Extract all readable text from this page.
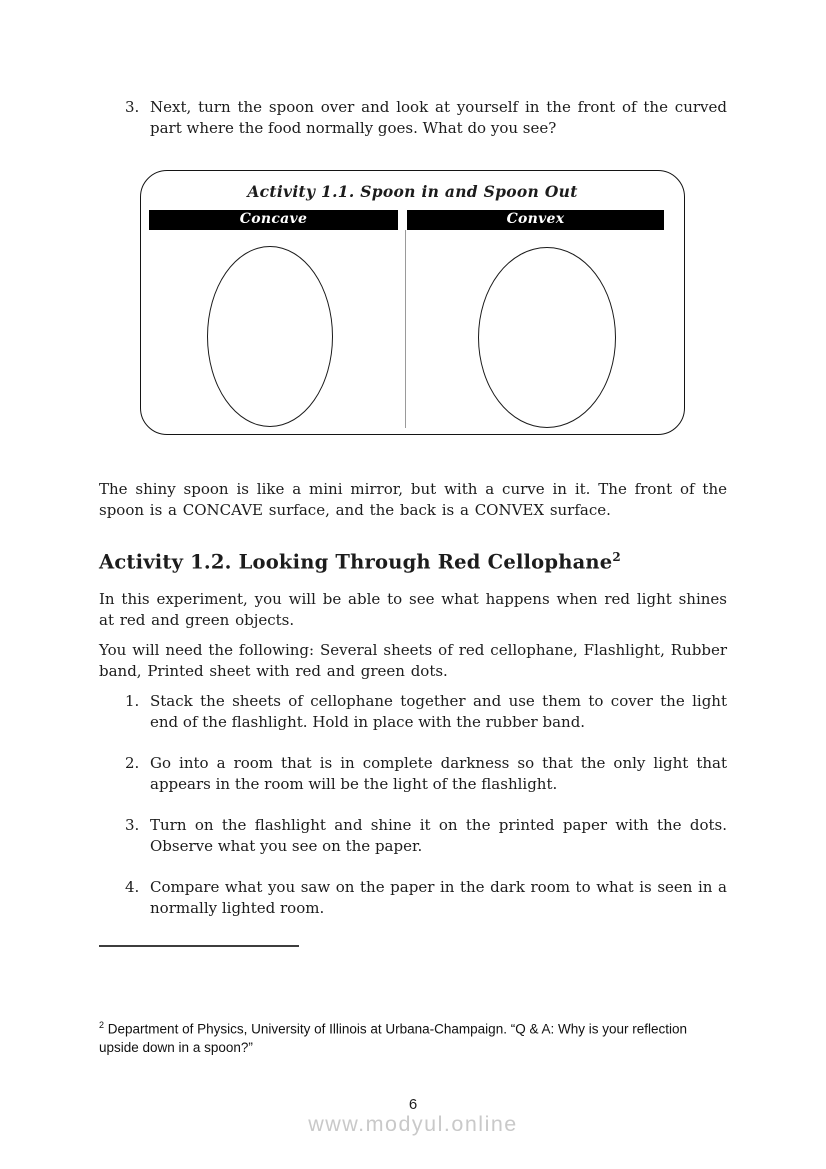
3. Next, turn the spoon over and look at yourself in the front of the curved part where the food normally goes. What do you see?
Activity 1.1. Spoon in and Spoon Out
Concave	Convex

The shiny spoon is like a mini mirror, but with a curve in it. The front of the spoon is a CONCAVE surface, and the back is a CONVEX surface.

Activity 1.2. Looking Through Red Cellophane$^2$

In this experiment, you will be able to see what happens when red light shines at red and green objects.

You will need the following: Several sheets of red cellophane, Flashlight, Rubber band, Printed sheet with red and green dots.

1. Stack the sheets of cellophane together and use them to cover the light end of the flashlight. Hold in place with the rubber band.
2. Go into a room that is in complete darkness so that the only light that appears in the room will be the light of the flashlight.
3. Turn on the flashlight and shine it on the printed paper with the dots. Observe what you see on the paper.
4. Compare what you saw on the paper in the dark room to what is seen in a normally lighted room.
$^2$ Department of Physics, University of Illinois at Urbana-Champaign. “Q & A: Why is your reflection upside down in a spoon?”
6
www.modyul.online
